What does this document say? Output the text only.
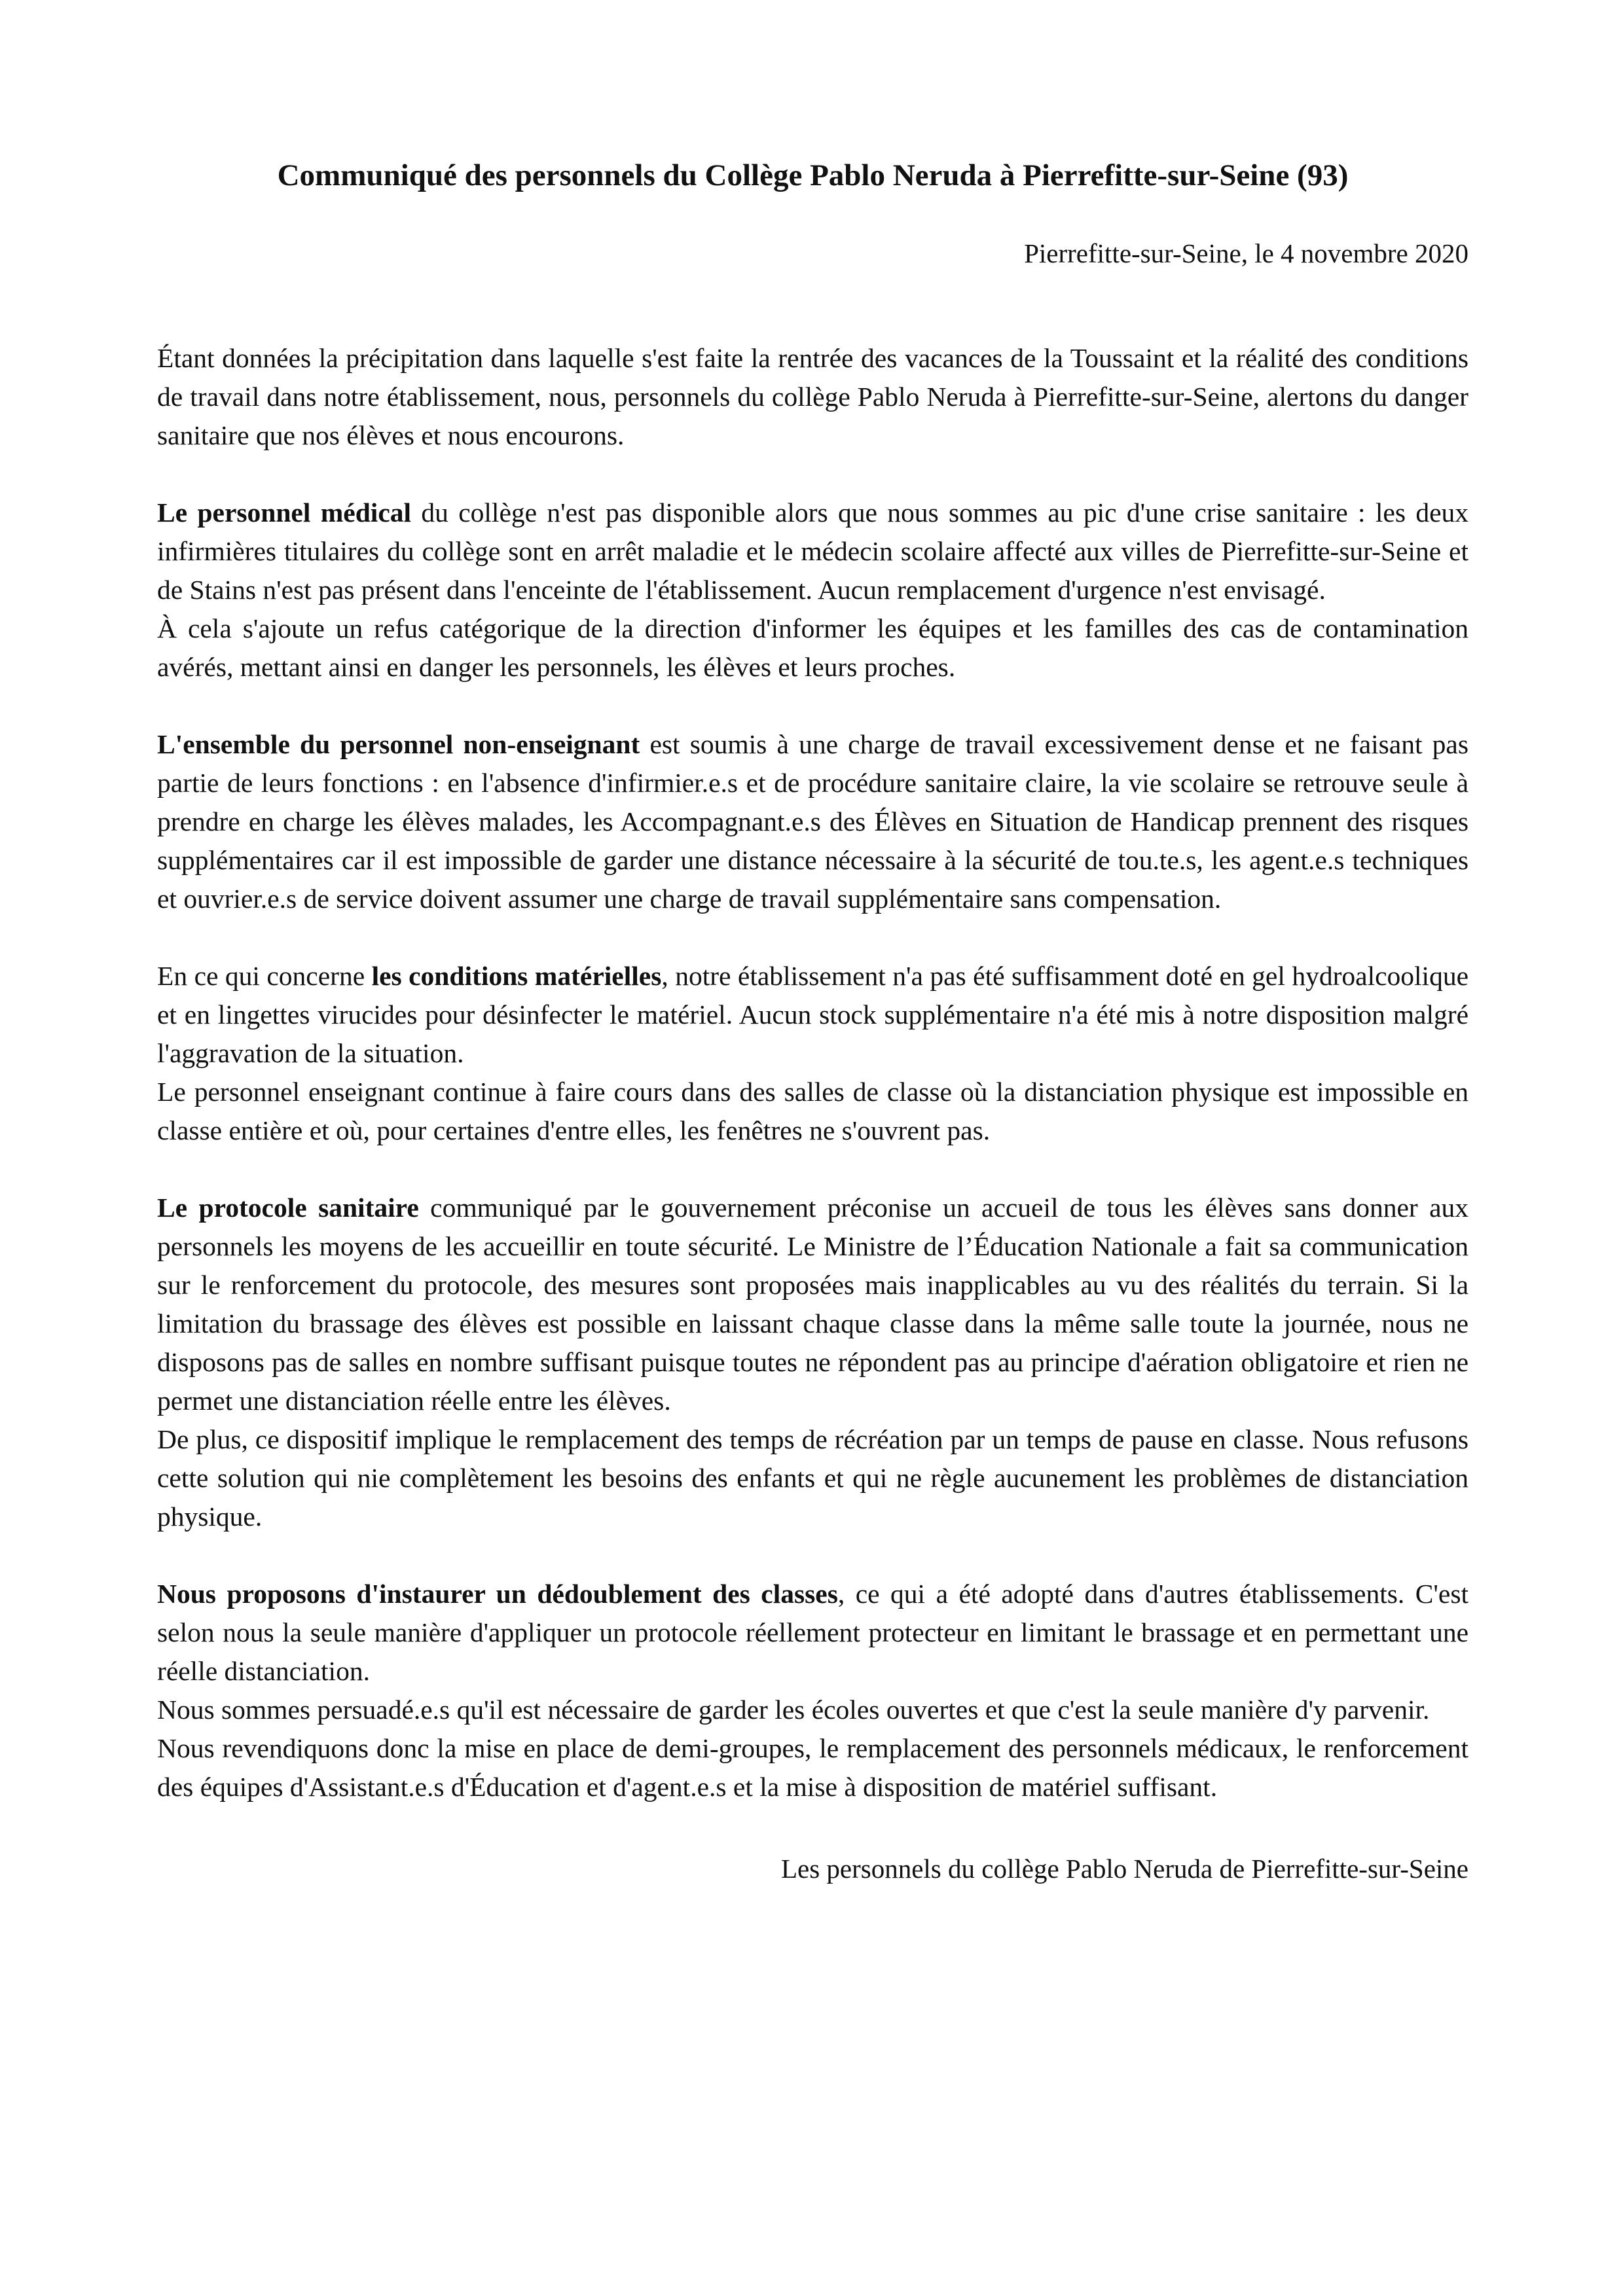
Communiqué des personnels du Collège Pablo Neruda à Pierrefitte-sur-Seine (93)
Pierrefitte-sur-Seine, le 4 novembre 2020

Étant données la précipitation dans laquelle s'est faite la rentrée des vacances de la Toussaint et la réalité des conditions de travail dans notre établissement, nous, personnels du collège Pablo Neruda à Pierrefitte-sur-Seine, alertons du danger sanitaire que nos élèves et nous encourons.

Le personnel médical du collège n'est pas disponible alors que nous sommes au pic d'une crise sanitaire : les deux infirmières titulaires du collège sont en arrêt maladie et le médecin scolaire affecté aux villes de Pierrefitte-sur-Seine et de Stains n'est pas présent dans l'enceinte de l'établissement. Aucun remplacement d'urgence n'est envisagé.

À cela s'ajoute un refus catégorique de la direction d'informer les équipes et les familles des cas de contamination avérés, mettant ainsi en danger les personnels, les élèves et leurs proches.

L'ensemble du personnel non-enseignant est soumis à une charge de travail excessivement dense et ne faisant pas partie de leurs fonctions : en l'absence d'infirmier.e.s et de procédure sanitaire claire, la vie scolaire se retrouve seule à prendre en charge les élèves malades, les Accompagnant.e.s des Élèves en Situation de Handicap prennent des risques supplémentaires car il est impossible de garder une distance nécessaire à la sécurité de tou.te.s, les agent.e.s techniques et ouvrier.e.s de service doivent assumer une charge de travail supplémentaire sans compensation.

En ce qui concerne les conditions matérielles, notre établissement n'a pas été suffisamment doté en gel hydroalcoolique et en lingettes virucides pour désinfecter le matériel. Aucun stock supplémentaire n'a été mis à notre disposition malgré l'aggravation de la situation.

Le personnel enseignant continue à faire cours dans des salles de classe où la distanciation physique est impossible en classe entière et où, pour certaines d'entre elles, les fenêtres ne s'ouvrent pas.

Le protocole sanitaire communiqué par le gouvernement préconise un accueil de tous les élèves sans donner aux personnels les moyens de les accueillir en toute sécurité. Le Ministre de l’Éducation Nationale a fait sa communication sur le renforcement du protocole, des mesures sont proposées mais inapplicables au vu des réalités du terrain. Si la limitation du brassage des élèves est possible en laissant chaque classe dans la même salle toute la journée, nous ne disposons pas de salles en nombre suffisant puisque toutes ne répondent pas au principe d'aération obligatoire et rien ne permet une distanciation réelle entre les élèves.

De plus, ce dispositif implique le remplacement des temps de récréation par un temps de pause en classe. Nous refusons cette solution qui nie complètement les besoins des enfants et qui ne règle aucunement les problèmes de distanciation physique.

Nous proposons d'instaurer un dédoublement des classes, ce qui a été adopté dans d'autres établissements. C'est selon nous la seule manière d'appliquer un protocole réellement protecteur en limitant le brassage et en permettant une réelle distanciation.

Nous sommes persuadé.e.s qu'il est nécessaire de garder les écoles ouvertes et que c'est la seule manière d'y parvenir.

Nous revendiquons donc la mise en place de demi-groupes, le remplacement des personnels médicaux, le renforcement des équipes d'Assistant.e.s d'Éducation et d'agent.e.s et la mise à disposition de matériel suffisant.

Les personnels du collège Pablo Neruda de Pierrefitte-sur-Seine
